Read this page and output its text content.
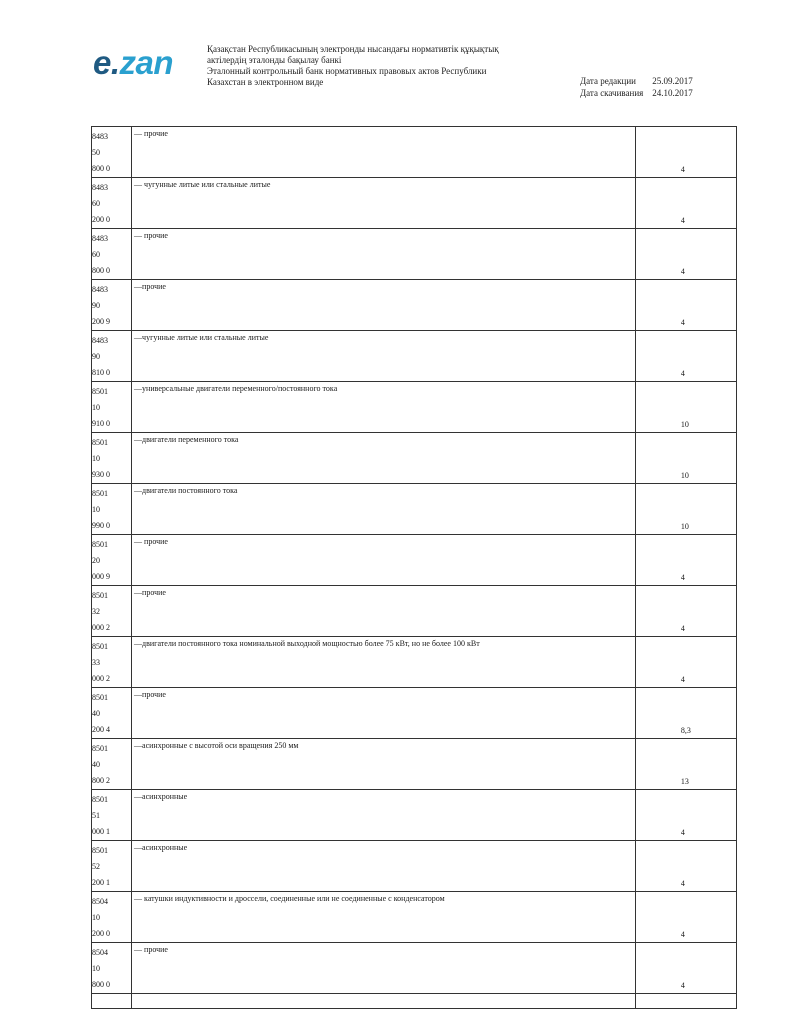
e.zan	Қазақстан Республикасының электронды нысандағы нормативтік құқықтық
актілердің эталонды бақылау банкі
Эталонный контрольный банк нормативных правовых актов Республики
Казахстан в электронном виде	Дата редакции 25.09.2017
Дата скачивания 24.10.2017
8483
50
800 0	— прочие	4

8483
60
200 0	— чугунные литые или стальные литые	4

8483
60
800 0	— прочие	4

8483
90
200 9	—прочие	4

8483
90
810 0	—чугунные литые или стальные литые	4

8501
10
910 0	—универсальные двигатели переменного/постоянного тока	10

8501
10
930 0	—двигатели переменного тока	10

8501
10
990 0	—двигатели постоянного тока	10

8501
20
000 9	— прочие	4

8501
32
000 2	—прочие	4

8501
33
000 2	—двигатели постоянного тока номинальной выходной мощностью более 75 кВт, но не более 100 кВт	4

8501
40
200 4	—прочие	8,3

8501
40
800 2	—асинхронные с высотой оси вращения 250 мм	13

8501
51
000 1	—асинхронные	4

8501
52
200 1	—асинхронные	4

8504
10
200 0	— катушки индуктивности и дроссели, соединенные или не соединенные с конденсатором	4

8504
10
800 0	— прочие	4
